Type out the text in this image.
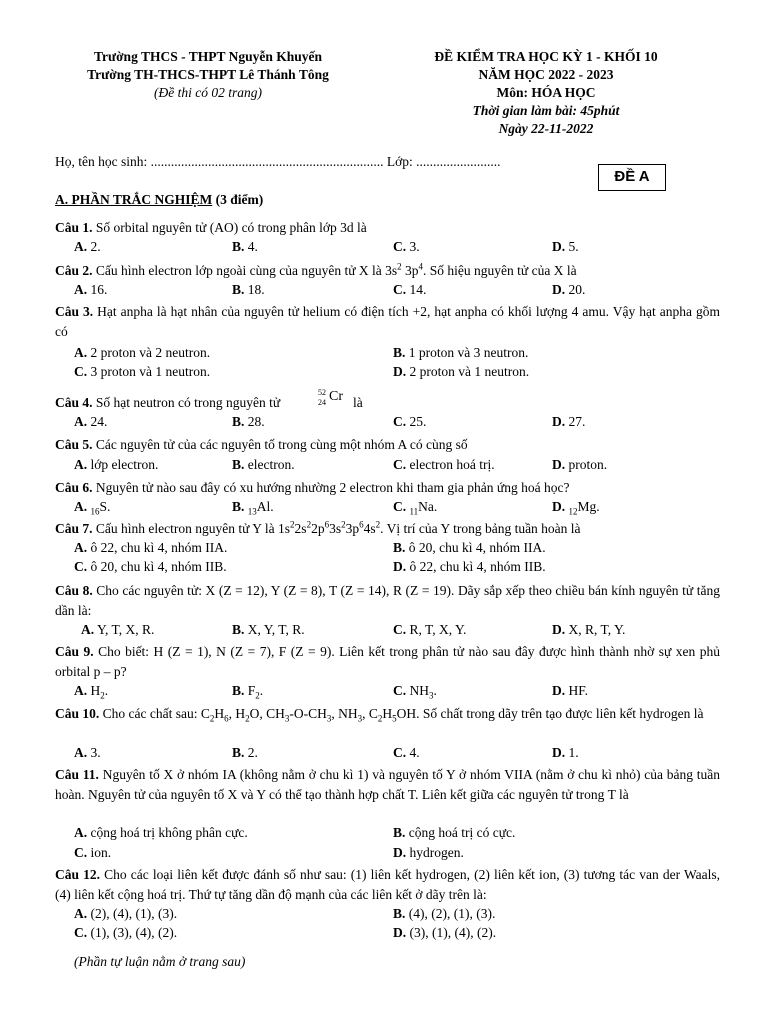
Trường THCS - THPT Nguyễn Khuyến
Trường TH-THCS-THPT Lê Thánh Tông
(Đề thi có 02 trang)
ĐỀ KIỂM TRA HỌC KỲ 1 - KHỐI 10
NĂM HỌC 2022 - 2023
Môn: HÓA HỌC
Thời gian làm bài: 45phút
Ngày 22-11-2022
Họ, tên học sinh: ..................................................................... Lớp: .........................
ĐỀ A
A. PHẦN TRẮC NGHIỆM (3 điểm)
Câu 1. Số orbital nguyên tử (AO) có trong phân lớp 3d là
A. 2.	B. 4.	C. 3.	D. 5.
Câu 2. Cấu hình electron lớp ngoài cùng của nguyên tử X là $3s^2$ $3p^4$. Số hiệu nguyên tử của X là
A. 16.	B. 18.	C. 14.	D. 20.
Câu 3. Hạt anpha là hạt nhân của nguyên tử helium có điện tích +2, hạt anpha có khối lượng 4 amu. Vậy hạt anpha gồm có
A. 2 proton và 2 neutron.	B. 1 proton và 3 neutron.
C. 3 proton và 1 neutron.	D. 2 proton và 1 neutron.
Câu 4. Số hạt neutron có trong nguyên tử
52
24 Cr là
A. 24.	B. 28.	C. 25.	D. 27.
Câu 5. Các nguyên tử của các nguyên tố trong cùng một nhóm A có cùng số
A. lớp electron.	B. electron.	C. electron hoá trị.	D. proton.
Câu 6. Nguyên tử nào sau đây có xu hướng nhường 2 electron khi tham gia phản ứng hoá học?
A. $_{16}$S.	B. $_{13}$Al.	C. $_{11}$Na.	D. $_{12}$Mg.
Câu 7. Cấu hình electron nguyên tử Y là $1s^22s^22p^63s^23p^64s^2$. Vị trí của Y trong bảng tuần hoàn là
A. ô 22, chu kì 4, nhóm IIA.	B. ô 20, chu kì 4, nhóm IIA.
C. ô 20, chu kì 4, nhóm IIB.	D. ô 22, chu kì 4, nhóm IIB.
Câu 8. Cho các nguyên tử: X (Z = 12), Y (Z = 8), T (Z = 14), R (Z = 19). Dãy sắp xếp theo chiều bán kính nguyên tử tăng dần là:
A. Y, T, X, R.	B. X, Y, T, R.	C. R, T, X, Y.	D. X, R, T, Y.
Câu 9. Cho biết: H (Z = 1), N (Z = 7), F (Z = 9). Liên kết trong phân tử nào sau đây được hình thành nhờ sự xen phủ orbital p – p?
A. $H_2$.	B. $F_2$.	C. $NH_3$.	D. HF.
Câu 10. Cho các chất sau: $C_2H_6$, $H_2O$, $CH_3-O-CH_3$, $NH_3$, $C_2H_5OH$. Số chất trong dãy trên tạo được liên kết hydrogen là
A. 3.	B. 2.	C. 4.	D. 1.
Câu 11. Nguyên tố X ở nhóm IA (không nằm ở chu kì 1) và nguyên tố Y ở nhóm VIIA (nằm ở chu kì nhỏ) của bảng tuần hoàn. Nguyên tử của nguyên tố X và Y có thể tạo thành hợp chất T. Liên kết giữa các nguyên tử trong T là
A. cộng hoá trị không phân cực.	B. cộng hoá trị có cực.
C. ion.	D. hydrogen.
Câu 12. Cho các loại liên kết được đánh số như sau: (1) liên kết hydrogen, (2) liên kết ion, (3) tương tác van der Waals, (4) liên kết cộng hoá trị. Thứ tự tăng dần độ mạnh của các liên kết ở dãy trên là:
A. (2), (4), (1), (3).	B. (4), (2), (1), (3).
C. (1), (3), (4), (2).	D. (3), (1), (4), (2).
(Phần tự luận nằm ở trang sau)
